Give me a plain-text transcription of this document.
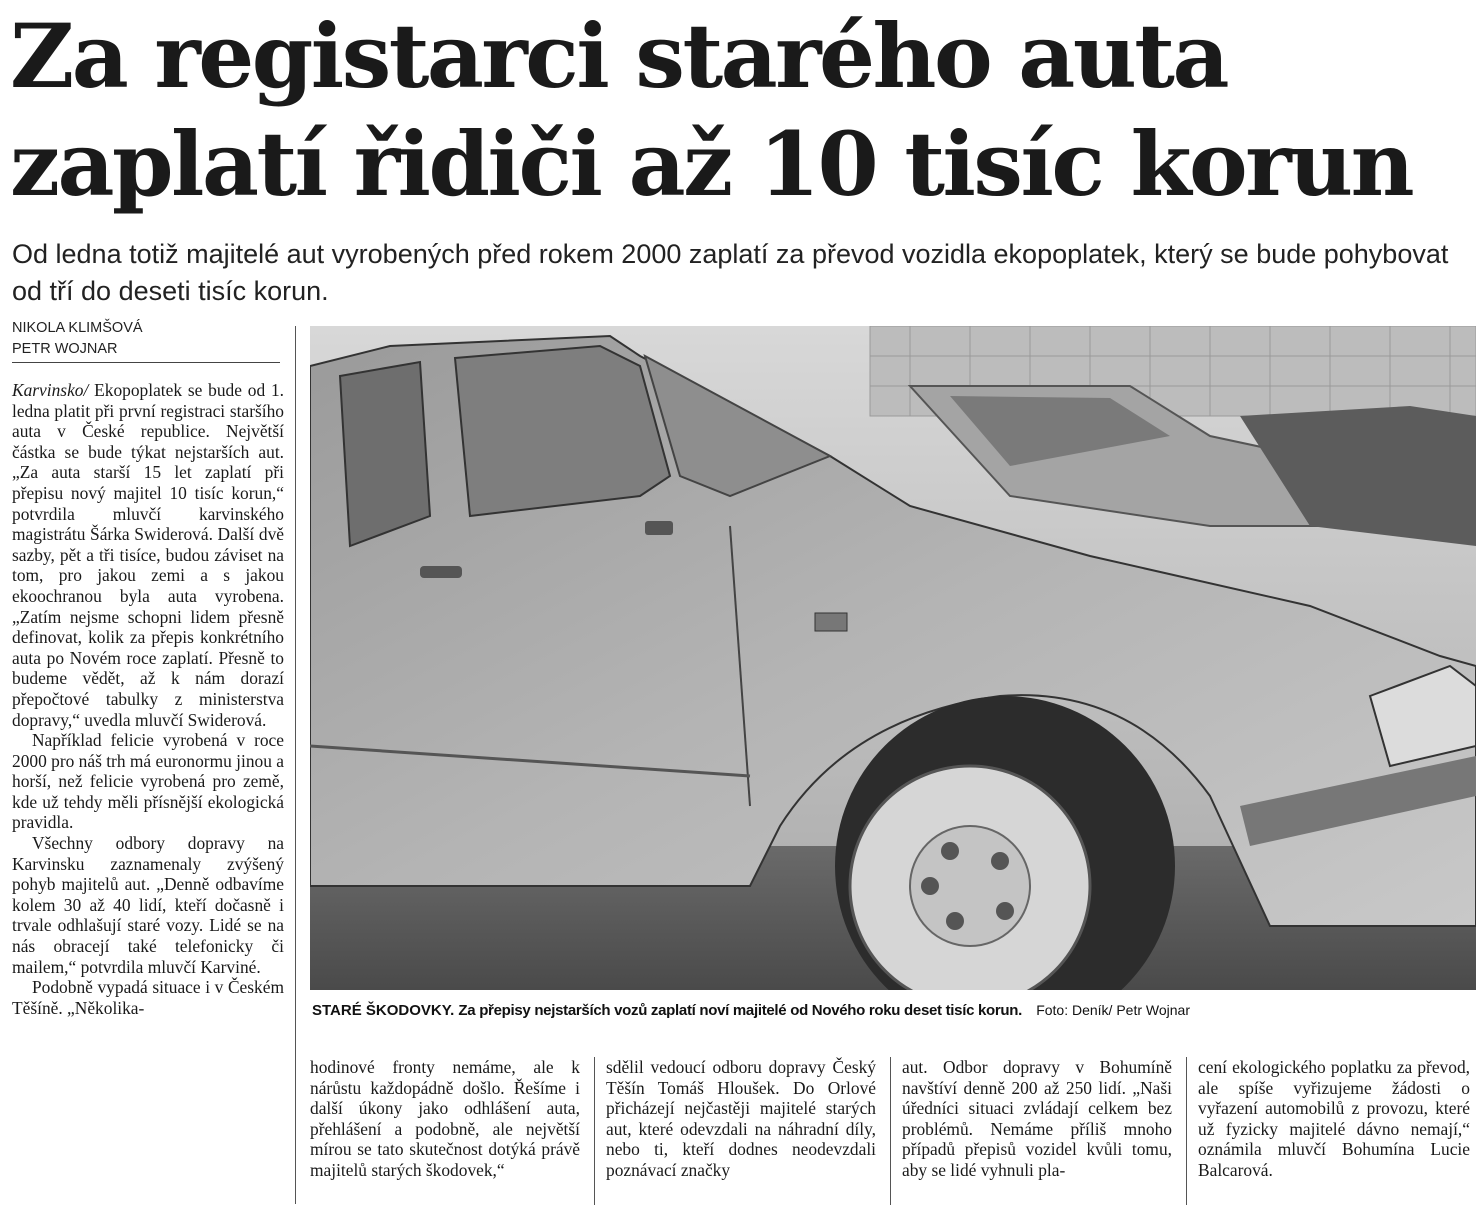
Za registarci starého auta
zaplatí řidiči až 10 tisíc korun

Od ledna totiž majitelé aut vyrobených před rokem 2000 zaplatí za převod vozidla ekopoplatek, který se bude pohybovat od tří do deseti tisíc korun.

NIKOLA KLIMŠOVÁ
PETR WOJNAR

Karvinsko/ Ekopoplatek se bude od 1. ledna platit při první registraci staršího auta v České republice. Největší částka se bude týkat nejstarších aut. „Za auta starší 15 let zaplatí při přepisu nový majitel 10 tisíc korun,“ potvrdila mluvčí karvinského magistrátu Šárka Swiderová. Další dvě sazby, pět a tři tisíce, budou záviset na tom, pro jakou zemi a s jakou ekoochranou byla auta vyrobena. „Zatím nejsme schopni lidem přesně definovat, kolik za přepis konkrétního auta po Novém roce zaplatí. Přesně to budeme vědět, až k nám dorazí přepočtové tabulky z ministerstva dopravy,“ uvedla mluvčí Swiderová.

Například felicie vyrobená v roce 2000 pro náš trh má euronormu jinou a horší, než felicie vyrobená pro země, kde už tehdy měli přísnější ekologická pravidla.

Všechny odbory dopravy na Karvinsku zaznamenaly zvýšený pohyb majitelů aut. „Denně odbavíme kolem 30 až 40 lidí, kteří dočasně i trvale odhlašují staré vozy. Lidé se na nás obracejí také telefonicky či mailem,“ potvrdila mluvčí Karviné.

Podobně vypadá situace i v Českém Těšíně. „Několika-	STARÉ ŠKODOVKY. Za přepisy nejstarších vozů zaplatí noví majitelé od Nového roku deset tisíc korun. Foto: Deník/ Petr Wojnar

hodinové fronty nemáme, ale k nárůstu každopádně došlo. Řešíme i další úkony jako odhlášení auta, přehlášení a podobně, ale největší mírou se tato skutečnost dotýká právě majitelů starých škodovek,“

sdělil vedoucí odboru dopravy Český Těšín Tomáš Hloušek. Do Orlové přicházejí nejčastěji majitelé starých aut, které odevzdali na náhradní díly, nebo ti, kteří dodnes neodevzdali poznávací značky

aut. Odbor dopravy v Bohumíně navštíví denně 200 až 250 lidí. „Naši úředníci situaci zvládají celkem bez problémů. Nemáme příliš mnoho případů přepisů vozidel kvůli tomu, aby se lidé vyhnuli pla-

cení ekologického poplatku za převod, ale spíše vyřizujeme žádosti o vyřazení automobilů z provozu, které už fyzicky majitelé dávno nemají,“ oznámila mluvčí Bohumína Lucie Balcarová.
